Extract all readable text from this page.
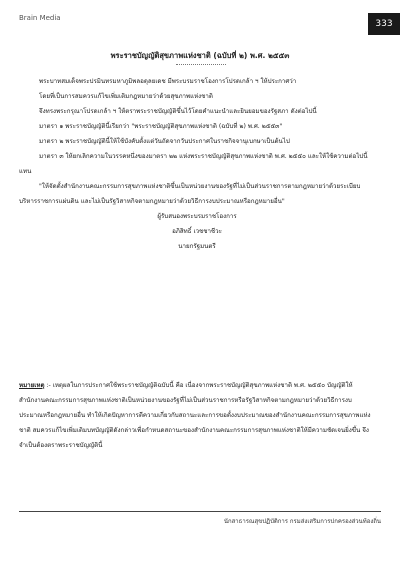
Brain Media
333
พระราชบัญญัติสุขภาพแห่งชาติ (ฉบับที่ ๒) พ.ศ. ๒๕๕๓

พระบาทสมเด็จพระปรมินทรมหาภูมิพลอดุลยเดช มีพระบรมราชโองการโปรดเกล้า ฯ ให้ประกาศว่า

โดยที่เป็นการสมควรแก้ไขเพิ่มเติมกฎหมายว่าด้วยสุขภาพแห่งชาติ

จึงทรงพระกรุณาโปรดเกล้า ฯ ให้ตราพระราชบัญญัติขึ้นไว้โดยคำแนะนำและยินยอมของรัฐสภา ดังต่อไปนี้

มาตรา ๑ พระราชบัญญัตินี้เรียกว่า "พระราชบัญญัติสุขภาพแห่งชาติ (ฉบับที่ ๒) พ.ศ. ๒๕๕๓"

มาตรา ๒ พระราชบัญญัตินี้ให้ใช้บังคับตั้งแต่วันถัดจากวันประกาศในราชกิจจานุเบกษาเป็นต้นไป

มาตรา ๓ ให้ยกเลิกความในวรรคหนึ่งของมาตรา ๒๒ แห่งพระราชบัญญัติสุขภาพแห่งชาติ พ.ศ. ๒๕๕๐ และให้ใช้ความต่อไปนี้แทน

"ให้จัดตั้งสำนักงานคณะกรรมการสุขภาพแห่งชาติขึ้นเป็นหน่วยงานของรัฐที่ไม่เป็นส่วนราชการตามกฎหมายว่าด้วยระเบียบบริหารราชการแผ่นดิน และไม่เป็นรัฐวิสาหกิจตามกฎหมายว่าด้วยวิธีการงบประมาณหรือกฎหมายอื่น"

ผู้รับสนองพระบรมราชโองการ

อภิสิทธิ์ เวชชาชีวะ

นายกรัฐมนตรี

หมายเหตุ :- เหตุผลในการประกาศใช้พระราชบัญญัติฉบับนี้ คือ เนื่องจากพระราชบัญญัติสุขภาพแห่งชาติ พ.ศ. ๒๕๕๐ บัญญัติให้สำนักงานคณะกรรมการสุขภาพแห่งชาติเป็นหน่วยงานของรัฐที่ไม่เป็นส่วนราชการหรือรัฐวิสาหกิจตามกฎหมายว่าด้วยวิธีการงบประมาณหรือกฎหมายอื่น ทำให้เกิดปัญหาการตีความเกี่ยวกับสถานะและการขอตั้งงบประมาณของสำนักงานคณะกรรมการสุขภาพแห่งชาติ สมควรแก้ไขเพิ่มเติมบทบัญญัติดังกล่าวเพื่อกำหนดสถานะของสำนักงานคณะกรรมการสุขภาพแห่งชาติให้มีความชัดเจนยิ่งขึ้น จึงจำเป็นต้องตราพระราชบัญญัตินี้

นักสาธารณสุขปฏิบัติการ กรมส่งเสริมการปกครองส่วนท้องถิ่น
